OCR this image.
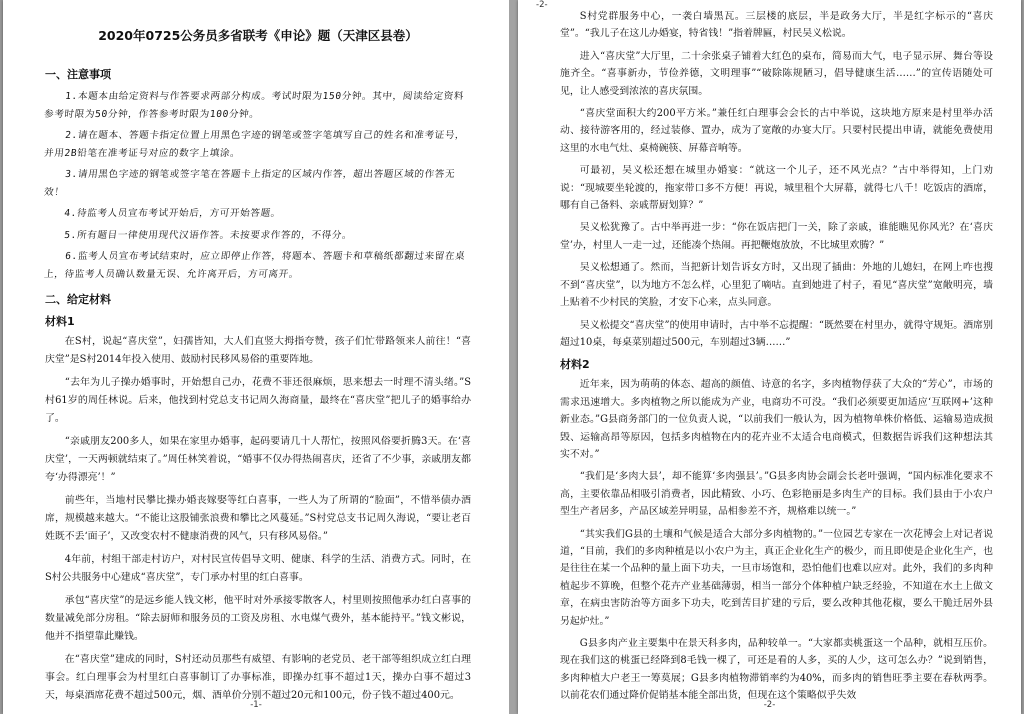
2020年0725公务员多省联考《申论》题（天津区县卷）
一、注意事项

1.本题本由给定资料与作答要求两部分构成。考试时限为150分钟。其中，阅读给定资料参考时限为50分钟，作答参考时限为100分钟。

2.请在题本、答题卡指定位置上用黑色字迹的钢笔或签字笔填写自己的姓名和准考证号，并用2B铅笔在准考证号对应的数字上填涂。

3.请用黑色字迹的钢笔或签字笔在答题卡上指定的区域内作答，超出答题区域的作答无效！

4.待监考人员宣布考试开始后，方可开始答题。

5.所有题目一律使用现代汉语作答。未按要求作答的，不得分。

6.监考人员宣布考试结束时，应立即停止作答，将题本、答题卡和草稿纸都翻过来留在桌上，待监考人员确认数量无误、允许离开后，方可离开。

二、给定材料
材料1

在S村，说起“喜庆堂”，妇孺皆知，大人们直竖大拇指夸赞，孩子们忙带路领来人前往！“喜庆堂”是S村2014年投入使用、鼓励村民移风易俗的重要阵地。

“去年为儿子操办婚事时，开始想自己办，花费不菲还很麻烦，思来想去一时理不清头绪。”S村61岁的周任林说。后来，他找到村党总支书记周久海商量，最终在“喜庆堂”把儿子的婚事给办了。

“亲戚朋友200多人，如果在家里办婚事，起码要请几十人帮忙，按照风俗要折腾3天。在‘喜庆堂’，一天两顿就结束了。”周任林笑着说，“婚事不仅办得热闹喜庆，还省了不少事，亲戚朋友都夸‘办得漂亮’！”

前些年，当地村民攀比操办婚丧嫁娶等红白喜事，一些人为了所谓的“脸面”，不惜举债办酒席，规模越来越大。“不能让这股铺张浪费和攀比之风蔓延。”S村党总支书记周久海说，“要让老百姓既不丢‘面子’，又改变农村不健康消费的风气，只有移风易俗。”

4年前，村组干部走村访户，对村民宣传倡导文明、健康、科学的生活、消费方式。同时，在S村公共服务中心建成“喜庆堂”，专门承办村里的红白喜事。

承包“喜庆堂”的是远乡能人钱文彬，他平时对外承接零散客人，村里则按照他承办红白喜事的数量减免部分房租。“除去厨师和服务员的工资及房租、水电煤气费外，基本能持平。”钱文彬说，他并不指望靠此赚钱。

在“喜庆堂”建成的同时，S村还动员那些有威望、有影响的老党员、老干部等组织成立红白理事会。红白理事会为村里红白喜事制订了办事标准，即操办红事不超过1天，操办白事不超过3天，每桌酒席花费不超过500元，烟、酒单价分别不超过20元和100元，份子钱不超过400元。

-1-
-2-

S村党群服务中心，一袭白墙黑瓦。三层楼的底层，半是政务大厅，半是红字标示的“喜庆堂”。“我儿子在这儿办婚宴，特省钱！”指着牌匾，村民吴义松说。

进入“喜庆堂”大厅里，二十余张桌子铺着大红色的桌布，简易而大气，电子显示屏、舞台等设施齐全。“喜事新办，节俭养德，文明理事”“破除陈规陋习，倡导健康生活……”的宣传语随处可见，让人感受到浓浓的喜庆氛围。

“喜庆堂面积大约200平方米。”兼任红白理事会会长的古中举说，这块地方原来是村里举办活动、接待游客用的，经过装修、置办，成为了宽敞的办宴大厅。只要村民提出申请，就能免费使用这里的水电气灶、桌椅碗筷、屏幕音响等。

可最初，吴义松还想在城里办婚宴：“就这一个儿子，还不风光点？”古中举得知，上门劝说：“现城要坐轮渡的，拖家带口多不方便！再说，城里租个大屏幕，就得七八千！吃饭店的酒席，哪有自己备料、亲戚帮厨划算？”

吴义松犹豫了。古中举再进一步：“你在饭店把门一关，除了亲戚，谁能瞧见你风光？在‘喜庆堂’办，村里人一走一过，还能凑个热闹。再把鞭炮放放，不比城里欢腾？”

吴义松想通了。然而，当把新计划告诉女方时，又出现了插曲：外地的儿媳妇，在网上咋也搜不到“喜庆堂”，以为地方不怎么样，心里犯了嘀咕。直到她进了村子，看见“喜庆堂”宽敞明亮，墙上贴着不少村民的笑脸，才安下心来，点头同意。

吴义松提交“喜庆堂”的使用申请时，古中举不忘提醒：“既然要在村里办，就得守规矩。酒席别超过10桌，每桌菜别超过500元，车别超过3辆……”

材料2

近年来，因为萌萌的体态、超高的颜值、诗意的名字，多肉植物俘获了大众的“芳心”，市场的需求迅速增大。多肉植物之所以能成为产业，电商功不可没。“我们必须要更加适应‘互联网+’这种新业态。”G县商务部门的一位负责人说，“以前我们一般认为，因为植物单株价格低、运输易造成损毁、运输高昂等原因，包括多肉植物在内的花卉业不太适合电商模式，但数据告诉我们这种想法其实不对。”

“我们是‘多肉大县’，却不能算‘多肉强县’。”G县多肉协会副会长老叶强调，“国内标准化要求不高，主要依靠品相吸引消费者，因此精致、小巧、色彩艳丽是多肉生产的目标。我们县由于小农户型生产者居多，产品区域差异明显，品相参差不齐，规格难以统一。”

“其实我们G县的土壤和气候是适合大部分多肉植物的。”一位园艺专家在一次花博会上对记者说道，“目前，我们的多肉种植是以小农户为主，真正企业化生产的极少，而且即使是企业化生产，也是往往在某一个品种的量上面下功夫，一旦市场饱和，恐怕他们也难以应对。此外，我们的多肉种植起步不算晚，但整个花卉产业基础薄弱，相当一部分个体种植户缺乏经验，不知道在水土上做文章，在病虫害防治等方面多下功夫，吃到苦目扩建的亏后，要么改种其他花椒，要么干脆迁居外县另起炉灶。”

G县多肉产业主要集中在景天科多肉，品种较单一。“大家都卖桃蛋这一个品种，就相互压价。现在我们这的桃蛋已经降到8毛钱一棵了，可还是看的人多，买的人少，这可怎么办？”说到销售，多肉种植大户老王一筹莫展；G县多肉植物滞销率约为40%，而多肉的销售旺季主要在春秋两季。以前花农们通过降价促销基本能全部出货，但现在这个策略似乎失效

-2-
